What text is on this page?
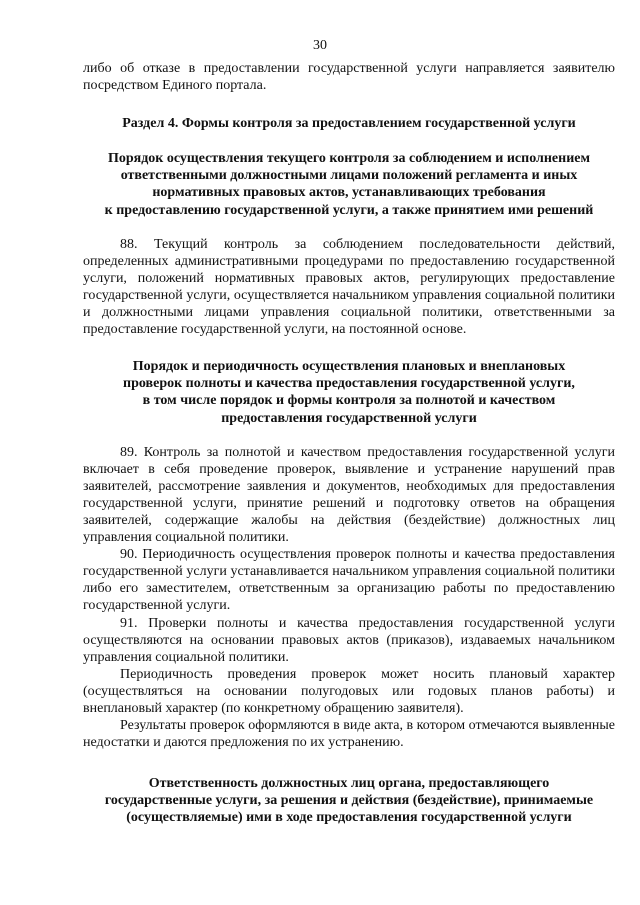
30

либо об отказе в предоставлении государственной услуги направляется заявителю посредством Единого портала.

Раздел 4. Формы контроля за предоставлением государственной услуги
Порядок осуществления текущего контроля за соблюдением и исполнением
ответственными должностными лицами положений регламента и иных
нормативных правовых актов, устанавливающих требования
к предоставлению государственной услуги, а также принятием ими решений

88. Текущий контроль за соблюдением последовательности действий, определенных административными процедурами по предоставлению государственной услуги, положений нормативных правовых актов, регулирующих предоставление государственной услуги, осуществляется начальником управления социальной политики и должностными лицами управления социальной политики, ответственными за предоставление государственной услуги, на постоянной основе.

Порядок и периодичность осуществления плановых и внеплановых
проверок полноты и качества предоставления государственной услуги,
в том числе порядок и формы контроля за полнотой и качеством
предоставления государственной услуги

89. Контроль за полнотой и качеством предоставления государственной услуги включает в себя проведение проверок, выявление и устранение нарушений прав заявителей, рассмотрение заявления и документов, необходимых для предоставления государственной услуги, принятие решений и подготовку ответов на обращения заявителей, содержащие жалобы на действия (бездействие) должностных лиц управления социальной политики.

90. Периодичность осуществления проверок полноты и качества предоставления государственной услуги устанавливается начальником управления социальной политики либо его заместителем, ответственным за организацию работы по предоставлению государственной услуги.

91. Проверки полноты и качества предоставления государственной услуги осуществляются на основании правовых актов (приказов), издаваемых начальником управления социальной политики.

Периодичность проведения проверок может носить плановый характер (осуществляться на основании полугодовых или годовых планов работы) и внеплановый характер (по конкретному обращению заявителя).

Результаты проверок оформляются в виде акта, в котором отмечаются выявленные недостатки и даются предложения по их устранению.

Ответственность должностных лиц органа, предоставляющего
государственные услуги, за решения и действия (бездействие), принимаемые
(осуществляемые) ими в ходе предоставления государственной услуги
